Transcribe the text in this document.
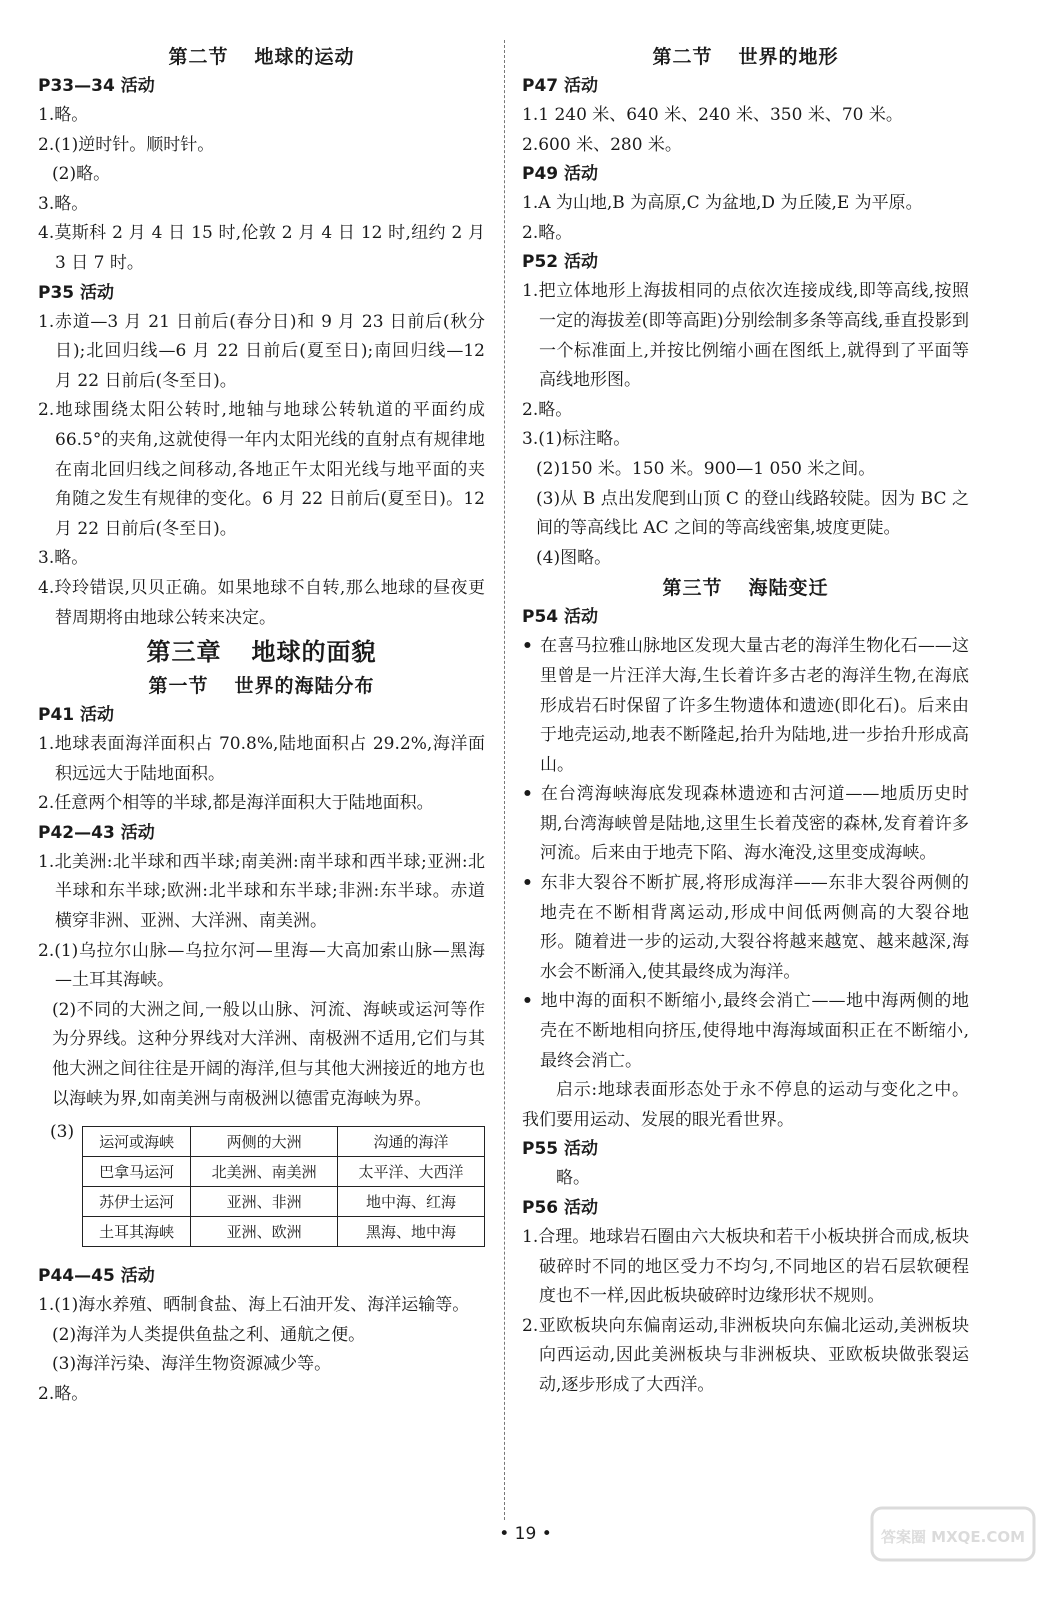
第二节 地球的运动

P33—34 活动

1.略。

2.(1)逆时针。顺时针。

(2)略。

3.略。

4.莫斯科 2 月 4 日 15 时,伦敦 2 月 4 日 12 时,纽约 2 月 3 日 7 时。

P35 活动

1.赤道—3 月 21 日前后(春分日)和 9 月 23 日前后(秋分日);北回归线—6 月 22 日前后(夏至日);南回归线—12 月 22 日前后(冬至日)。

2.地球围绕太阳公转时,地轴与地球公转轨道的平面约成 66.5°的夹角,这就使得一年内太阳光线的直射点有规律地在南北回归线之间移动,各地正午太阳光线与地平面的夹角随之发生有规律的变化。6 月 22 日前后(夏至日)。12 月 22 日前后(冬至日)。

3.略。

4.玲玲错误,贝贝正确。如果地球不自转,那么地球的昼夜更替周期将由地球公转来决定。

第三章 地球的面貌

第一节 世界的海陆分布

P41 活动

1.地球表面海洋面积占 70.8%,陆地面积占 29.2%,海洋面积远远大于陆地面积。

2.任意两个相等的半球,都是海洋面积大于陆地面积。

P42—43 活动

1.北美洲:北半球和西半球;南美洲:南半球和西半球;亚洲:北半球和东半球;欧洲:北半球和东半球;非洲:东半球。赤道横穿非洲、亚洲、大洋洲、南美洲。

2.(1)乌拉尔山脉—乌拉尔河—里海—大高加索山脉—黑海—土耳其海峡。

(2)不同的大洲之间,一般以山脉、河流、海峡或运河等作为分界线。这种分界线对大洋洲、南极洲不适用,它们与其他大洲之间往往是开阔的海洋,但与其他大洲接近的地方也以海峡为界,如南美洲与南极洲以德雷克海峡为界。

(3) 运河或海峡	两侧的大洲	沟通的海洋
巴拿马运河	北美洲、南美洲	太平洋、大西洋
苏伊士运河	亚洲、非洲	地中海、红海
土耳其海峡	亚洲、欧洲	黑海、地中海

P44—45 活动

1.(1)海水养殖、晒制食盐、海上石油开发、海洋运输等。

(2)海洋为人类提供鱼盐之利、通航之便。

(3)海洋污染、海洋生物资源减少等。

2.略。

第二节 世界的地形

P47 活动

1.1 240 米、640 米、240 米、350 米、70 米。

2.600 米、280 米。

P49 活动

1.A 为山地,B 为高原,C 为盆地,D 为丘陵,E 为平原。

2.略。

P52 活动

1.把立体地形上海拔相同的点依次连接成线,即等高线,按照一定的海拔差(即等高距)分别绘制多条等高线,垂直投影到一个标准面上,并按比例缩小画在图纸上,就得到了平面等高线地形图。

2.略。

3.(1)标注略。

(2)150 米。150 米。900—1 050 米之间。

(3)从 B 点出发爬到山顶 C 的登山线路较陡。因为 BC 之间的等高线比 AC 之间的等高线密集,坡度更陡。

(4)图略。

第三节 海陆变迁

P54 活动

• 在喜马拉雅山脉地区发现大量古老的海洋生物化石——这里曾是一片汪洋大海,生长着许多古老的海洋生物,在海底形成岩石时保留了许多生物遗体和遗迹(即化石)。后来由于地壳运动,地表不断隆起,抬升为陆地,进一步抬升形成高山。

• 在台湾海峡海底发现森林遗迹和古河道——地质历史时期,台湾海峡曾是陆地,这里生长着茂密的森林,发育着许多河流。后来由于地壳下陷、海水淹没,这里变成海峡。

• 东非大裂谷不断扩展,将形成海洋——东非大裂谷两侧的地壳在不断相背离运动,形成中间低两侧高的大裂谷地形。随着进一步的运动,大裂谷将越来越宽、越来越深,海水会不断涌入,使其最终成为海洋。

• 地中海的面积不断缩小,最终会消亡——地中海两侧的地壳在不断地相向挤压,使得地中海海域面积正在不断缩小,最终会消亡。

启示:地球表面形态处于永不停息的运动与变化之中。我们要用运动、发展的眼光看世界。

P55 活动

略。

P56 活动

1.合理。地球岩石圈由六大板块和若干小板块拼合而成,板块破碎时不同的地区受力不均匀,不同地区的岩石层软硬程度也不一样,因此板块破碎时边缘形状不规则。

2.亚欧板块向东偏南运动,非洲板块向东偏北运动,美洲板块向西运动,因此美洲板块与非洲板块、亚欧板块做张裂运动,逐步形成了大西洋。

• 19 •	答案圈 MXQE.COM
